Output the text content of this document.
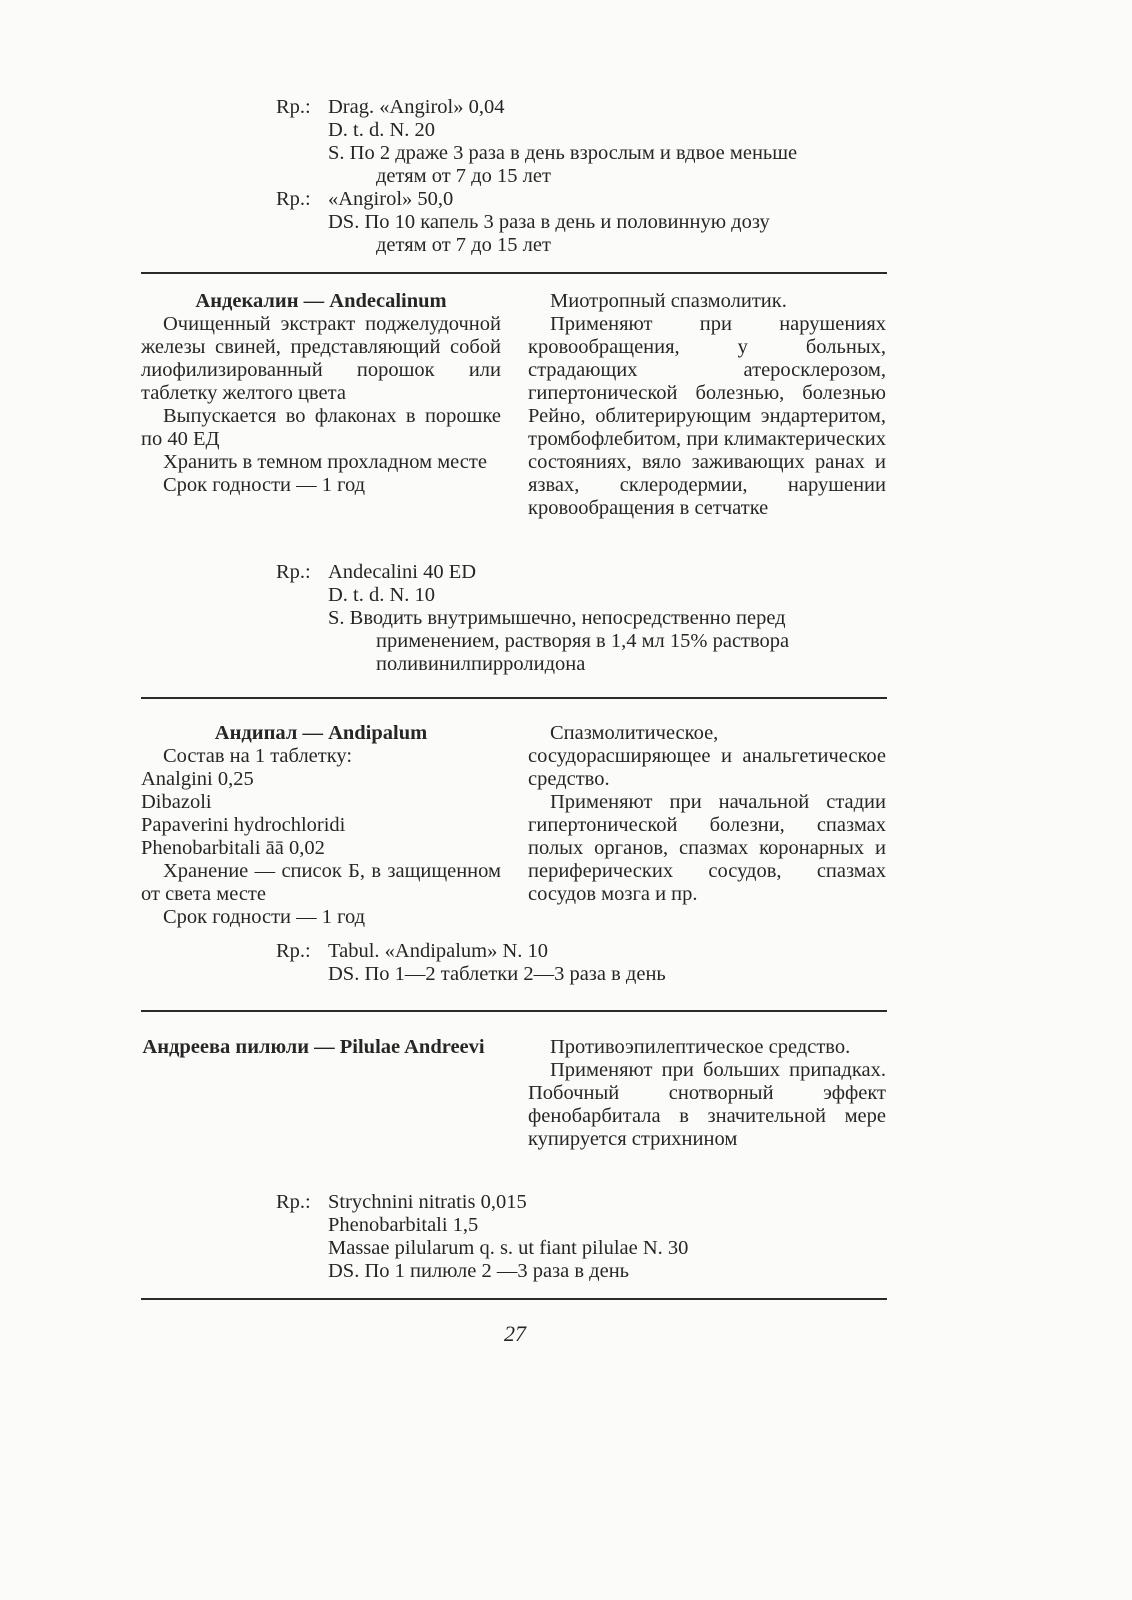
Rp.: Drag. «Angirol» 0,04
D. t. d. N. 20
S. По 2 драже 3 раза в день взрослым и вдвое меньше
детям от 7 до 15 лет
Rp.: «Angirol» 50,0
DS. По 10 капель 3 раза в день и половинную дозу
детям от 7 до 15 лет
Андекалин — Andecalinum
Очищенный экстракт поджелудочной железы свиней, представляющий собой лиофилизированный порошок или таблетку желтого цвета
Выпускается во флаконах в порошке по 40 ЕД
Хранить в темном прохладном месте
Срок годности — 1 год
Миотропный спазмолитик.
Применяют при нарушениях кровообращения, у больных, страдающих атеросклерозом, гипертонической болезнью, болезнью Рейно, облитерирующим эндартеритом, тромбофлебитом, при климактерических состояниях, вяло заживающих ранах и язвах, склеродермии, нарушении кровообращения в сетчатке
Rp.: Andecalini 40 ED
D. t. d. N. 10
S. Вводить внутримышечно, непосредственно перед
применением, растворяя в 1,4 мл 15% раствора
поливинилпирролидона
Андипал — Andipalum
Состав на 1 таблетку:
Analgini 0,25
Dibazoli
Papaverini hydrochloridi
Phenobarbitali āā 0,02
Хранение — список Б, в защищенном от света месте
Срок годности — 1 год
Спазмолитическое, сосудорасширяющее и анальгетическое средство.
Применяют при начальной стадии гипертонической болезни, спазмах полых органов, спазмах коронарных и периферических сосудов, спазмах сосудов мозга и пр.
Rp.: Tabul. «Andipalum» N. 10
DS. По 1—2 таблетки 2—3 раза в день
Андреева пилюли — Pilulae Andreevi	Противоэпилептическое средство.
Применяют при больших припадках. Побочный снотворный эффект фенобарбитала в значительной мере купируется стрихнином
Rp.: Strychnini nitratis 0,015
Phenobarbitali 1,5
Massae pilularum q. s. ut fiant pilulae N. 30
DS. По 1 пилюле 2 —3 раза в день
27
